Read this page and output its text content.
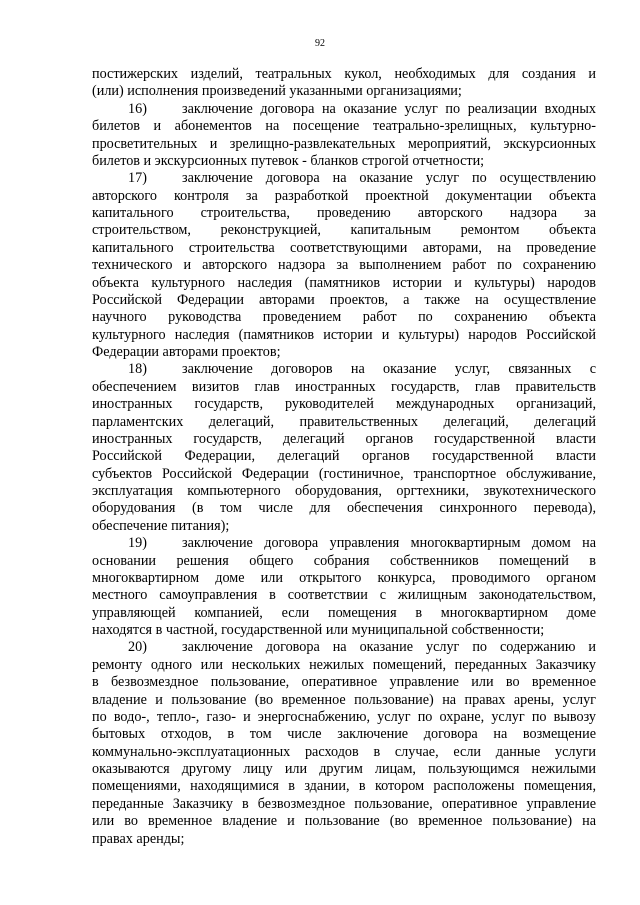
92
постижерских изделий, театральных кукол, необходимых для создания и
(или) исполнения произведений указанными организациями;
16) заключение договора на оказание услуг по реализации входных
билетов и абонементов на посещение театрально-зрелищных, культурно-
просветительных и зрелищно-развлекательных мероприятий, экскурсионных
билетов и экскурсионных путевок - бланков строгой отчетности;
17) заключение договора на оказание услуг по осуществлению
авторского контроля за разработкой проектной документации объекта
капитального строительства, проведению авторского надзора за
строительством, реконструкцией, капитальным ремонтом объекта
капитального строительства соответствующими авторами, на проведение
технического и авторского надзора за выполнением работ по сохранению
объекта культурного наследия (памятников истории и культуры) народов
Российской Федерации авторами проектов, а также на осуществление
научного руководства проведением работ по сохранению объекта
культурного наследия (памятников истории и культуры) народов Российской
Федерации авторами проектов;
18) заключение договоров на оказание услуг, связанных с
обеспечением визитов глав иностранных государств, глав правительств
иностранных государств, руководителей международных организаций,
парламентских делегаций, правительственных делегаций, делегаций
иностранных государств, делегаций органов государственной власти
Российской Федерации, делегаций органов государственной власти
субъектов Российской Федерации (гостиничное, транспортное обслуживание,
эксплуатация компьютерного оборудования, оргтехники, звукотехнического
оборудования (в том числе для обеспечения синхронного перевода),
обеспечение питания);
19) заключение договора управления многоквартирным домом на
основании решения общего собрания собственников помещений в
многоквартирном доме или открытого конкурса, проводимого органом
местного самоуправления в соответствии с жилищным законодательством,
управляющей компанией, если помещения в многоквартирном доме
находятся в частной, государственной или муниципальной собственности;
20) заключение договора на оказание услуг по содержанию и
ремонту одного или нескольких нежилых помещений, переданных Заказчику
в безвозмездное пользование, оперативное управление или во временное
владение и пользование (во временное пользование) на правах арены, услуг
по водо-, тепло-, газо- и энергоснабжению, услуг по охране, услуг по вывозу
бытовых отходов, в том числе заключение договора на возмещение
коммунально-эксплуатационных расходов в случае, если данные услуги
оказываются другому лицу или другим лицам, пользующимся нежилыми
помещениями, находящимися в здании, в котором расположены помещения,
переданные Заказчику в безвозмездное пользование, оперативное управление
или во временное владение и пользование (во временное пользование) на
правах аренды;
